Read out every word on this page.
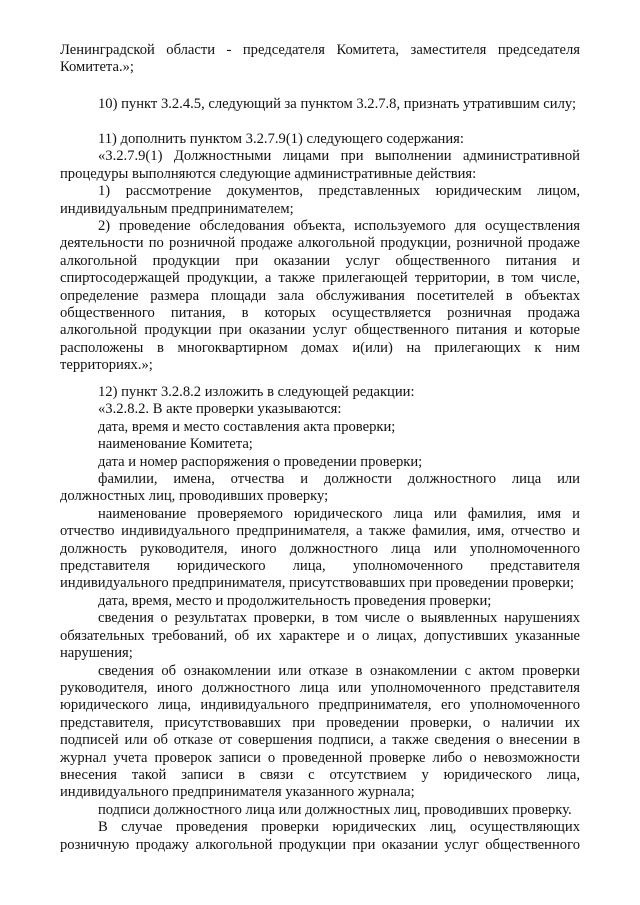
Ленинградской области - председателя Комитета, заместителя председателя Комитета.»;

10) пункт 3.2.4.5, следующий за пунктом 3.2.7.8, признать утратившим силу;

11) дополнить пунктом 3.2.7.9(1) следующего содержания:

«3.2.7.9(1) Должностными лицами при выполнении административной процедуры выполняются следующие административные действия:

1) рассмотрение документов, представленных юридическим лицом, индивидуальным предпринимателем;

2) проведение обследования объекта, используемого для осуществления деятельности по розничной продаже алкогольной продукции, розничной продаже алкогольной продукции при оказании услуг общественного питания и спиртосодержащей продукции, а также прилегающей территории, в том числе, определение размера площади зала обслуживания посетителей в объектах общественного питания, в которых осуществляется розничная продажа алкогольной продукции при оказании услуг общественного питания и которые расположены в многоквартирном домах и(или) на прилегающих к ним территориях.»;

12) пункт 3.2.8.2 изложить в следующей редакции:

«3.2.8.2. В акте проверки указываются:

дата, время и место составления акта проверки;

наименование Комитета;

дата и номер распоряжения о проведении проверки;

фамилии, имена, отчества и должности должностного лица или должностных лиц, проводивших проверку;

наименование проверяемого юридического лица или фамилия, имя и отчество индивидуального предпринимателя, а также фамилия, имя, отчество и должность руководителя, иного должностного лица или уполномоченного представителя юридического лица, уполномоченного представителя индивидуального предпринимателя, присутствовавших при проведении проверки;

дата, время, место и продолжительность проведения проверки;

сведения о результатах проверки, в том числе о выявленных нарушениях обязательных требований, об их характере и о лицах, допустивших указанные нарушения;

сведения об ознакомлении или отказе в ознакомлении с актом проверки руководителя, иного должностного лица или уполномоченного представителя юридического лица, индивидуального предпринимателя, его уполномоченного представителя, присутствовавших при проведении проверки, о наличии их подписей или об отказе от совершения подписи, а также сведения о внесении в журнал учета проверок записи о проведенной проверке либо о невозможности внесения такой записи в связи с отсутствием у юридического лица, индивидуального предпринимателя указанного журнала;

подписи должностного лица или должностных лиц, проводивших проверку.

В случае проведения проверки юридических лиц, осуществляющих розничную продажу алкогольной продукции при оказании услуг общественного
